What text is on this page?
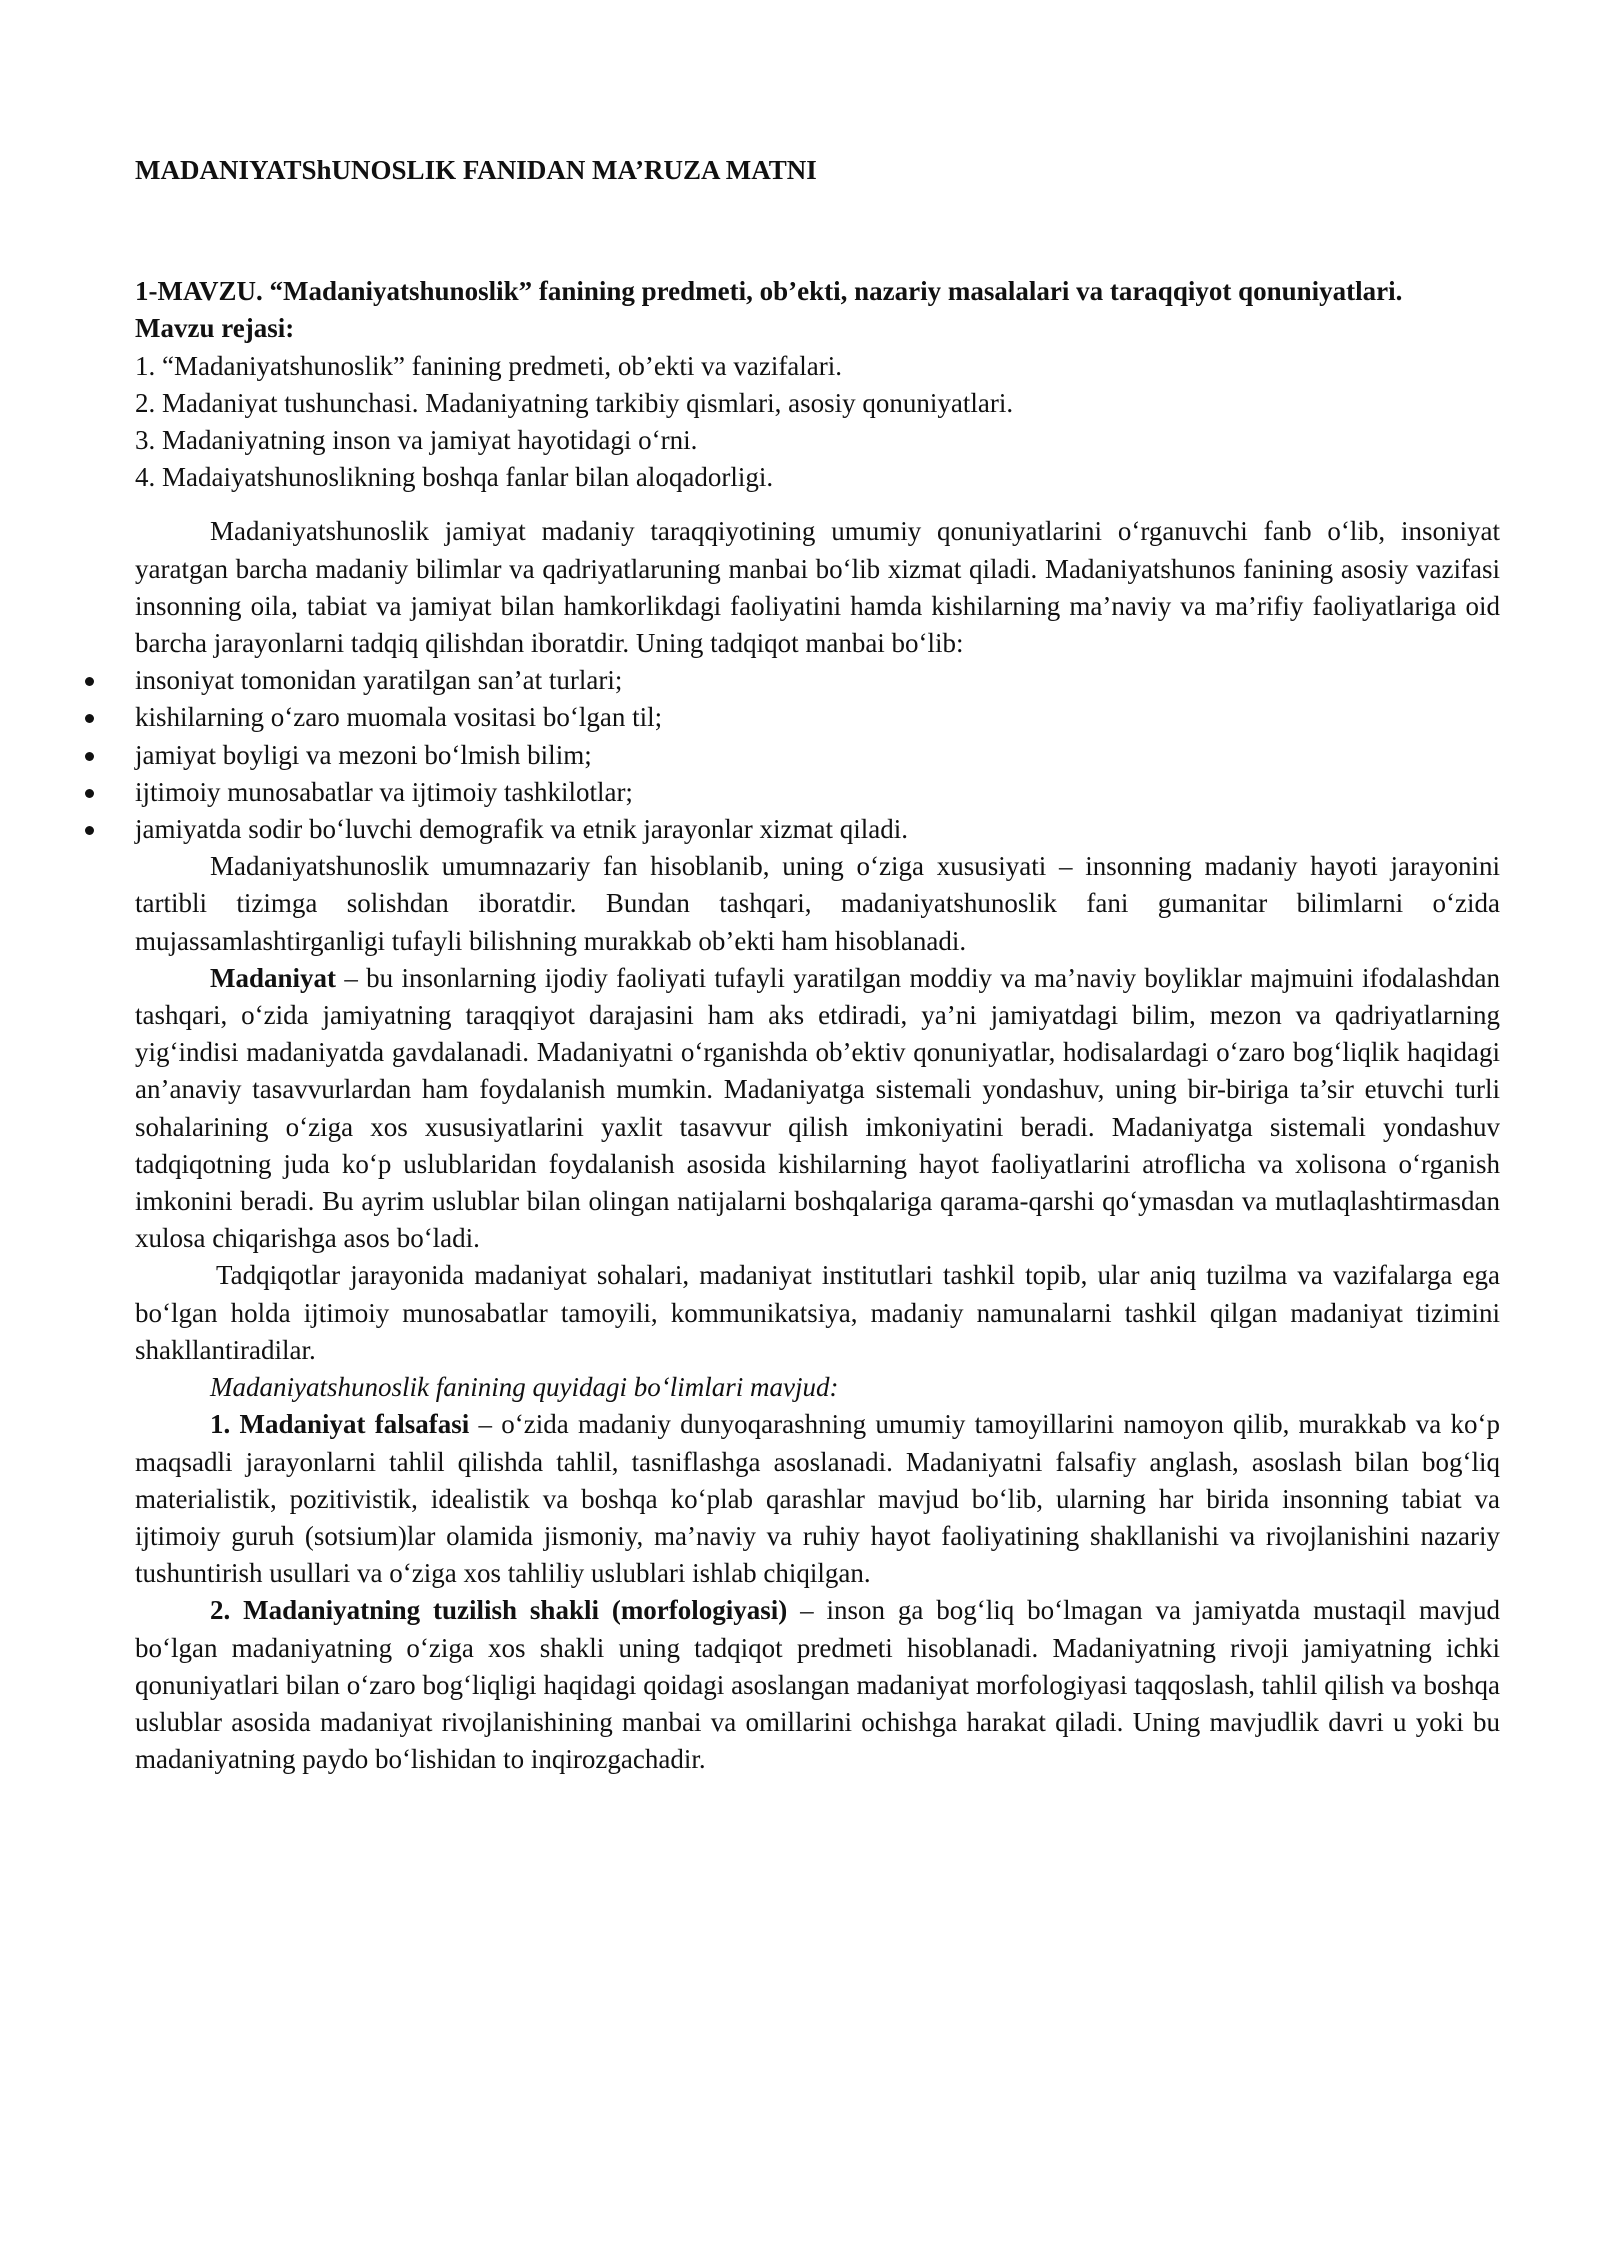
MADANIYATShUNOSLIK FANIDAN MA’RUZA MATNI

1-MAVZU. “Madaniyatshunoslik” fanining predmeti, ob’ekti, nazariy masalalari va taraqqiyot qonuniyatlari.

Mavzu rejasi:
1. “Madaniyatshunoslik” fanining predmeti, ob’ekti va vazifalari.
2. Madaniyat tushunchasi. Madaniyatning tarkibiy qismlari, asosiy qonuniyatlari.
3. Madaniyatning inson va jamiyat hayotidagi o‘rni.
4. Madaiyatshunoslikning boshqa fanlar bilan aloqadorligi.

Madaniyatshunoslik jamiyat madaniy taraqqiyotining umumiy qonuniyatlarini o‘rganuvchi fanb o‘lib, insoniyat yaratgan barcha madaniy bilimlar va qadriyatlaruning manbai bo‘lib xizmat qiladi. Madaniyatshunos fanining asosiy vazifasi insonning oila, tabiat va jamiyat bilan hamkorlikdagi faoliyatini hamda kishilarning ma’naviy va ma’rifiy faoliyatlariga oid barcha jarayonlarni tadqiq qilishdan iboratdir. Uning tadqiqot manbai bo‘lib:

insoniyat tomonidan yaratilgan san’at turlari;
kishilarning o‘zaro muomala vositasi bo‘lgan til;
jamiyat boyligi va mezoni bo‘lmish bilim;
ijtimoiy munosabatlar va ijtimoiy tashkilotlar;
jamiyatda sodir bo‘luvchi demografik va etnik jarayonlar xizmat qiladi.

Madaniyatshunoslik umumnazariy fan hisoblanib, uning o‘ziga xususiyati – insonning madaniy hayoti jarayonini tartibli tizimga solishdan iboratdir. Bundan tashqari, madaniyatshunoslik fani gumanitar bilimlarni o‘zida mujassamlashtirganligi tufayli bilishning murakkab ob’ekti ham hisoblanadi.

Madaniyat – bu insonlarning ijodiy faoliyati tufayli yaratilgan moddiy va ma’naviy boyliklar majmuini ifodalashdan tashqari, o‘zida jamiyatning taraqqiyot darajasini ham aks etdiradi, ya’ni jamiyatdagi bilim, mezon va qadriyatlarning yig‘indisi madaniyatda gavdalanadi. Madaniyatni o‘rganishda ob’ektiv qonuniyatlar, hodisalardagi o‘zaro bog‘liqlik haqidagi an’anaviy tasavvurlardan ham foydalanish mumkin. Madaniyatga sistemali yondashuv, uning bir-biriga ta’sir etuvchi turli sohalarining o‘ziga xos xususiyatlarini yaxlit tasavvur qilish imkoniyatini beradi. Madaniyatga sistemali yondashuv tadqiqotning juda ko‘p uslublaridan foydalanish asosida kishilarning hayot faoliyatlarini atroflicha va xolisona o‘rganish imkonini beradi. Bu ayrim uslublar bilan olingan natijalarni boshqalariga qarama-qarshi qo‘ymasdan va mutlaqlashtirmasdan xulosa chiqarishga asos bo‘ladi.

Tadqiqotlar jarayonida madaniyat sohalari, madaniyat institutlari tashkil topib, ular aniq tuzilma va vazifalarga ega bo‘lgan holda ijtimoiy munosabatlar tamoyili, kommunikatsiya, madaniy namunalarni tashkil qilgan madaniyat tizimini shakllantiradilar.

Madaniyatshunoslik fanining quyidagi bo‘limlari mavjud:

1. Madaniyat falsafasi – o‘zida madaniy dunyoqarashning umumiy tamoyillarini namoyon qilib, murakkab va ko‘p maqsadli jarayonlarni tahlil qilishda tahlil, tasniflashga asoslanadi. Madaniyatni falsafiy anglash, asoslash bilan bog‘liq materialistik, pozitivistik, idealistik va boshqa ko‘plab qarashlar mavjud bo‘lib, ularning har birida insonning tabiat va ijtimoiy guruh (sotsium)lar olamida jismoniy, ma’naviy va ruhiy hayot faoliyatining shakllanishi va rivojlanishini nazariy tushuntirish usullari va o‘ziga xos tahliliy uslublari ishlab chiqilgan.

2. Madaniyatning tuzilish shakli (morfologiyasi) – inson ga bog‘liq bo‘lmagan va jamiyatda mustaqil mavjud bo‘lgan madaniyatning o‘ziga xos shakli uning tadqiqot predmeti hisoblanadi. Madaniyatning rivoji jamiyatning ichki qonuniyatlari bilan o‘zaro bog‘liqligi haqidagi qoidagi asoslangan madaniyat morfologiyasi taqqoslash, tahlil qilish va boshqa uslublar asosida madaniyat rivojlanishining manbai va omillarini ochishga harakat qiladi. Uning mavjudlik davri u yoki bu madaniyatning paydo bo‘lishidan to inqirozgachadir.
